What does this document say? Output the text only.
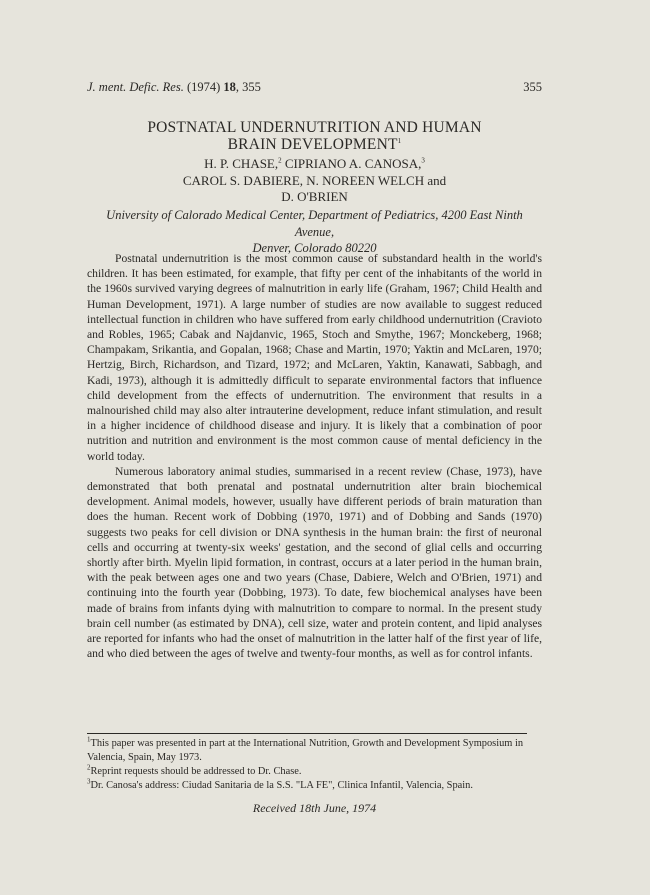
J. ment. Defic. Res. (1974) 18, 355	355
POSTNATAL UNDERNUTRITION AND HUMAN
BRAIN DEVELOPMENT$^1$
H. P. CHASE,$^2$ CIPRIANO A. CANOSA,$^3$
CAROL S. DABIERE, N. NOREEN WELCH and
D. O'BRIEN
University of Calorado Medical Center, Department of Pediatrics, 4200 East Ninth Avenue,
Denver, Colorado 80220

Postnatal undernutrition is the most common cause of substandard health in the world's children. It has been estimated, for example, that fifty per cent of the inhabitants of the world in the 1960s survived varying degrees of malnutrition in early life (Graham, 1967; Child Health and Human Development, 1971). A large number of studies are now available to suggest reduced intellectual function in children who have suffered from early childhood undernutrition (Cravioto and Robles, 1965; Cabak and Najdanvic, 1965, Stoch and Smythe, 1967; Monckeberg, 1968; Champakam, Srikantia, and Gopalan, 1968; Chase and Martin, 1970; Yaktin and McLaren, 1970; Hertzig, Birch, Richardson, and Tizard, 1972; and McLaren, Yaktin, Kanawati, Sabbagh, and Kadi, 1973), although it is admittedly difficult to separate environmental factors that influence child development from the effects of undernutrition. The environment that results in a malnourished child may also alter intrauterine development, reduce infant stimulation, and result in a higher incidence of childhood disease and injury. It is likely that a combination of poor nutrition and nutrition and environment is the most common cause of mental deficiency in the world today.

Numerous laboratory animal studies, summarised in a recent review (Chase, 1973), have demonstrated that both prenatal and postnatal undernutrition alter brain biochemical development. Animal models, however, usually have different periods of brain maturation than does the human. Recent work of Dobbing (1970, 1971) and of Dobbing and Sands (1970) suggests two peaks for cell division or DNA synthesis in the human brain: the first of neuronal cells and occurring at twenty-six weeks' gestation, and the second of glial cells and occurring shortly after birth. Myelin lipid formation, in contrast, occurs at a later period in the human brain, with the peak between ages one and two years (Chase, Dabiere, Welch and O'Brien, 1971) and continuing into the fourth year (Dobbing, 1973). To date, few biochemical analyses have been made of brains from infants dying with malnutrition to compare to normal. In the present study brain cell number (as estimated by DNA), cell size, water and protein content, and lipid analyses are reported for infants who had the onset of malnutrition in the latter half of the first year of life, and who died between the ages of twelve and twenty-four months, as well as for control infants.

$^1$This paper was presented in part at the International Nutrition, Growth and Development Symposium in Valencia, Spain, May 1973.

$^2$Reprint requests should be addressed to Dr. Chase.

$^3$Dr. Canosa's address: Ciudad Sanitaria de la S.S. "LA FE", Clinica Infantil, Valencia, Spain.

Received 18th June, 1974
